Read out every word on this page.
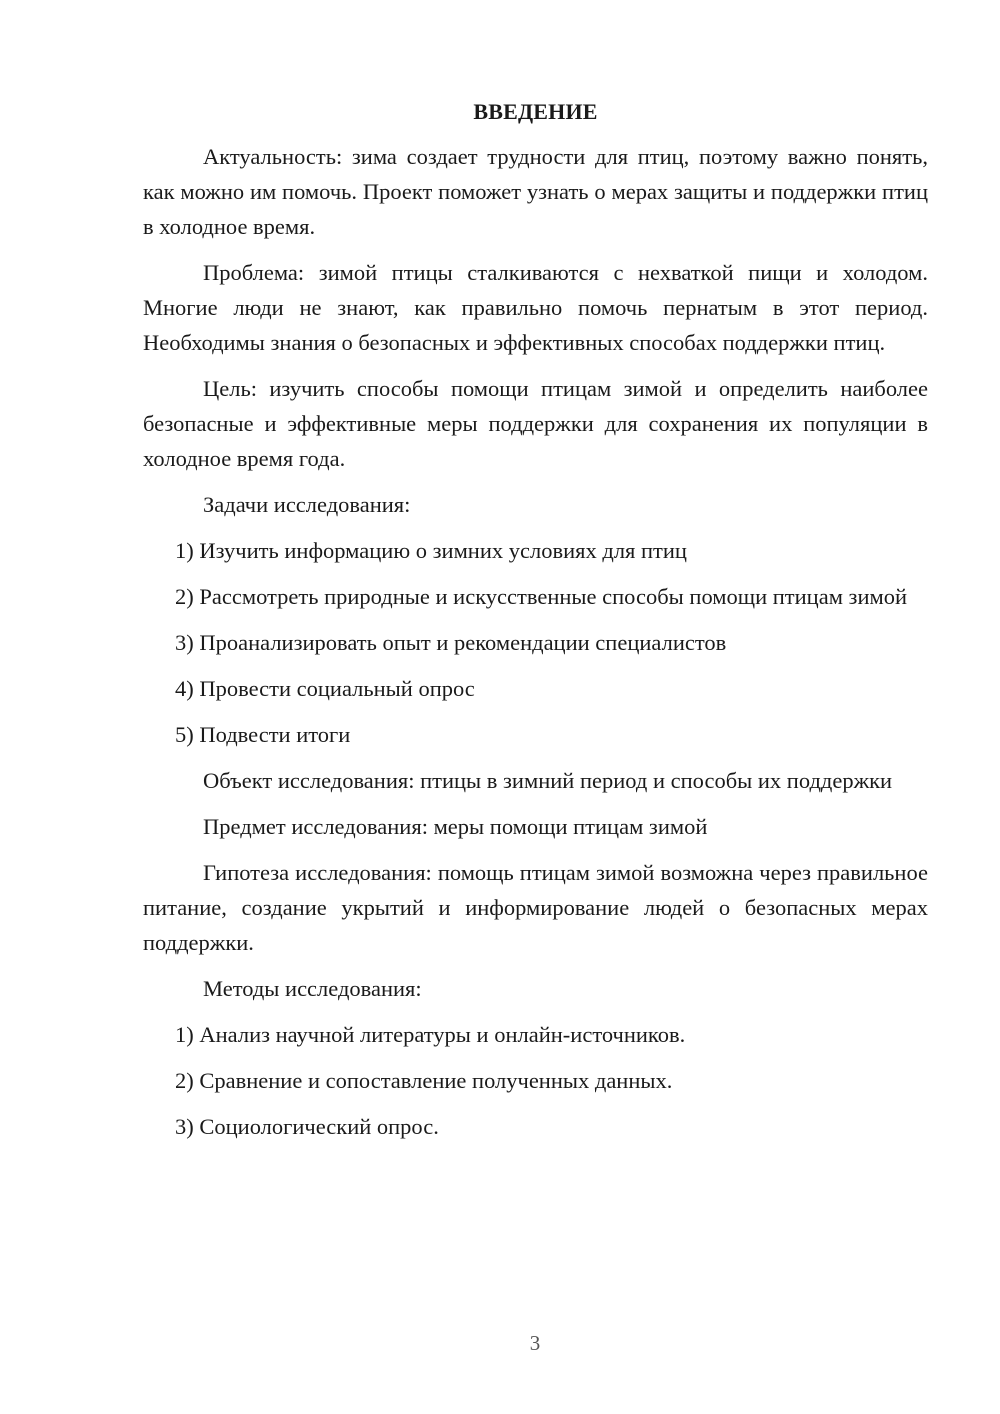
ВВЕДЕНИЕ

Актуальность: зима создает трудности для птиц, поэтому важно понять, как можно им помочь. Проект поможет узнать о мерах защиты и поддержки птиц в холодное время.

Проблема: зимой птицы сталкиваются с нехваткой пищи и холодом. Многие люди не знают, как правильно помочь пернатым в этот период. Необходимы знания о безопасных и эффективных способах поддержки птиц.

Цель: изучить способы помощи птицам зимой и определить наиболее безопасные и эффективные меры поддержки для сохранения их популяции в холодное время года.

Задачи исследования:

1) Изучить информацию о зимних условиях для птиц

2) Рассмотреть природные и искусственные способы помощи птицам зимой

3) Проанализировать опыт и рекомендации специалистов

4) Провести социальный опрос

5) Подвести итоги

Объект исследования: птицы в зимний период и способы их поддержки

Предмет исследования: меры помощи птицам зимой

Гипотеза исследования: помощь птицам зимой возможна через правильное питание, создание укрытий и информирование людей о безопасных мерах поддержки.

Методы исследования:

1) Анализ научной литературы и онлайн-источников.

2) Сравнение и сопоставление полученных данных.

3) Социологический опрос.

3
